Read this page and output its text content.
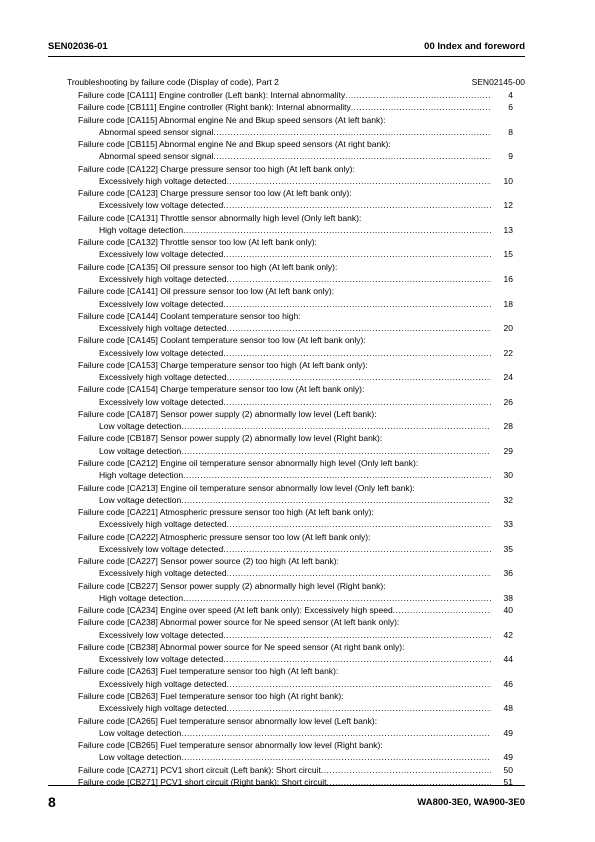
SEN02036-01	00 Index and foreword
Troubleshooting by failure code (Display of code), Part 2	SEN02145-00
Failure code [CA111] Engine controller (Left bank): Internal abnormality .....	4
Failure code [CB111] Engine controller (Right bank): Internal abnormality .....	6
Failure code [CA115] Abnormal engine Ne and Bkup speed sensors (At left bank):
Abnormal speed sensor signal .....	8
Failure code [CB115] Abnormal engine Ne and Bkup speed sensors (At right bank):
Abnormal speed sensor signal .....	9
Failure code [CA122] Charge pressure sensor too high (At left bank only):
Excessively high voltage detected .....	10
Failure code [CA123] Charge pressure sensor too low (At left bank only):
Excessively low voltage detected .....	12
Failure code [CA131] Throttle sensor abnormally high level (Only left bank):
High voltage detection .....	13
Failure code [CA132] Throttle sensor too low (At left bank only):
Excessively low voltage detected .....	15
Failure code [CA135] Oil pressure sensor too high (At left bank only):
Excessively high voltage detected .....	16
Failure code [CA141] Oil pressure sensor too low (At left bank only):
Excessively low voltage detected .....	18
Failure code [CA144] Coolant temperature sensor too high:
Excessively high voltage detected .....	20
Failure code [CA145] Coolant temperature sensor too low (At left bank only):
Excessively low voltage detected .....	22
Failure code [CA153] Charge temperature sensor too high (At left bank only):
Excessively high voltage detected .....	24
Failure code [CA154] Charge temperature sensor too low (At left bank only):
Excessively low voltage detected .....	26
Failure code [CA187] Sensor power supply (2) abnormally low level (Left bank):
Low voltage detection .....	28
Failure code [CB187] Sensor power supply (2) abnormally low level (Right bank):
Low voltage detection .....	29
Failure code [CA212] Engine oil temperature sensor abnormally high level (Only left bank):
High voltage detection .....	30
Failure code [CA213] Engine oil temperature sensor abnormally low level (Only left bank):
Low voltage detection .....	32
Failure code [CA221] Atmospheric pressure sensor too high (At left bank only):
Excessively high voltage detected .....	33
Failure code [CA222] Atmospheric pressure sensor too low (At left bank only):
Excessively low voltage detected .....	35
Failure code [CA227] Sensor power source (2) too high (At left bank):
Excessively high voltage detected .....	36
Failure code [CB227] Sensor power supply (2) abnormally high level (Right bank):
High voltage detection .....	38
Failure code [CA234] Engine over speed (At left bank only): Excessively high speed .....	40
Failure code [CA238] Abnormal power source for Ne speed sensor (At left bank only):
Excessively low voltage detected .....	42
Failure code [CB238] Abnormal power source for Ne speed sensor (At right bank only):
Excessively low voltage detected .....	44
Failure code [CA263] Fuel temperature sensor too high (At left bank):
Excessively high voltage detected .....	46
Failure code [CB263] Fuel temperature sensor too high (At right bank):
Excessively high voltage detected .....	48
Failure code [CA265] Fuel temperature sensor abnormally low level (Left bank):
Low voltage detection .....	49
Failure code [CB265] Fuel temperature sensor abnormally low level (Right bank):
Low voltage detection .....	49
Failure code [CA271] PCV1 short circuit (Left bank): Short circuit .....	50
Failure code [CB271] PCV1 short circuit (Right bank): Short circuit .....	51
8	WA800-3E0, WA900-3E0
